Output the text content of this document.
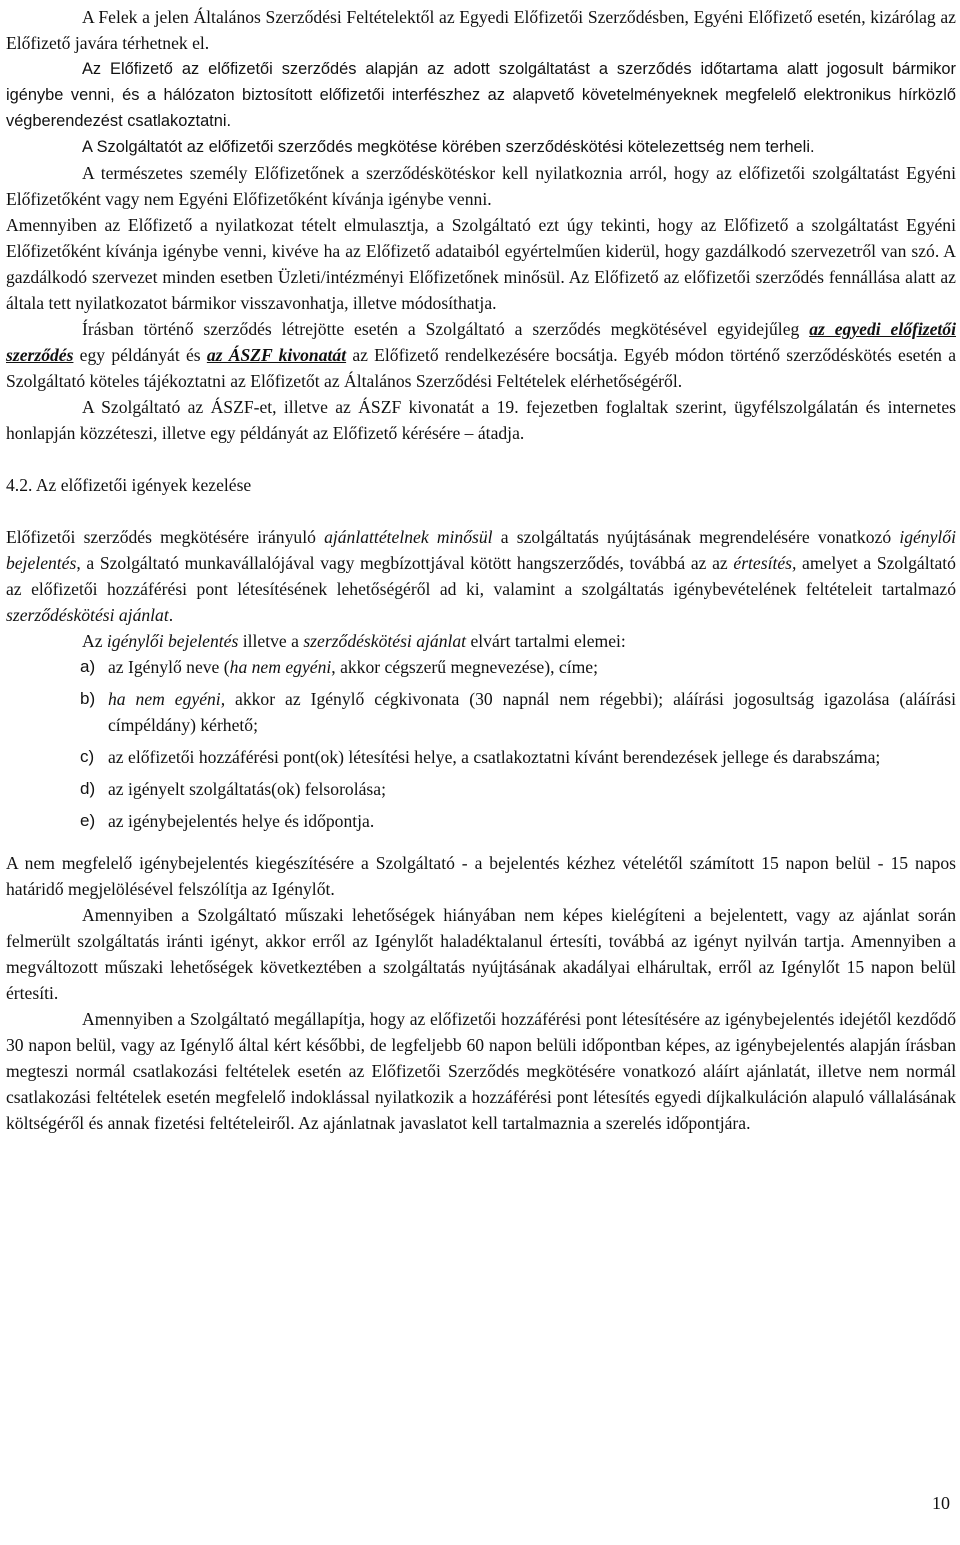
A Felek a jelen Általános Szerződési Feltételektől az Egyedi Előfizetői Szerződésben, Egyéni Előfizető esetén, kizárólag az Előfizető javára térhetnek el.

Az Előfizető az előfizetői szerződés alapján az adott szolgáltatást a szerződés időtartama alatt jogosult bármikor igénybe venni, és a hálózaton biztosított előfizetői interfészhez az alapvető követelményeknek megfelelő elektronikus hírközlő végberendezést csatlakoztatni.

A Szolgáltatót az előfizetői szerződés megkötése körében szerződéskötési kötelezettség nem terheli.

A természetes személy Előfizetőnek a szerződéskötéskor kell nyilatkoznia arról, hogy az előfizetői szolgáltatást Egyéni Előfizetőként vagy nem Egyéni Előfizetőként kívánja igénybe venni.

Amennyiben az Előfizető a nyilatkozat tételt elmulasztja, a Szolgáltató ezt úgy tekinti, hogy az Előfizető a szolgáltatást Egyéni Előfizetőként kívánja igénybe venni, kivéve ha az Előfizető adataiból egyértelműen kiderül, hogy gazdálkodó szervezetről van szó. A gazdálkodó szervezet minden esetben Üzleti/intézményi Előfizetőnek minősül. Az Előfizető az előfizetői szerződés fennállása alatt az általa tett nyilatkozatot bármikor visszavonhatja, illetve módosíthatja.

Írásban történő szerződés létrejötte esetén a Szolgáltató a szerződés megkötésével egyidejűleg az egyedi előfizetői szerződés egy példányát és az ÁSZF kivonatát az Előfizető rendelkezésére bocsátja. Egyéb módon történő szerződéskötés esetén a Szolgáltató köteles tájékoztatni az Előfizetőt az Általános Szerződési Feltételek elérhetőségéről.

A Szolgáltató az ÁSZF-et, illetve az ÁSZF kivonatát a 19. fejezetben foglaltak szerint, ügyfélszolgálatán és internetes honlapján közzéteszi, illetve egy példányát az Előfizető kérésére – átadja.

4.2. Az előfizetői igények kezelése

Előfizetői szerződés megkötésére irányuló ajánlattételnek minősül a szolgáltatás nyújtásának megrendelésére vonatkozó igénylői bejelentés, a Szolgáltató munkavállalójával vagy megbízottjával kötött hangszerződés, továbbá az az értesítés, amelyet a Szolgáltató az előfizetői hozzáférési pont létesítésének lehetőségéről ad ki, valamint a szolgáltatás igénybevételének feltételeit tartalmazó szerződéskötési ajánlat.

Az igénylői bejelentés illetve a szerződéskötési ajánlat elvárt tartalmi elemei:

a) az Igénylő neve (ha nem egyéni, akkor cégszerű megnevezése), címe;
b) ha nem egyéni, akkor az Igénylő cégkivonata (30 napnál nem régebbi); aláírási jogosultság igazolása (aláírási címpéldány) kérhető;
c) az előfizetői hozzáférési pont(ok) létesítési helye, a csatlakoztatni kívánt berendezések jellege és darabszáma;
d) az igényelt szolgáltatás(ok) felsorolása;
e) az igénybejelentés helye és időpontja.

A nem megfelelő igénybejelentés kiegészítésére a Szolgáltató - a bejelentés kézhez vételétől számított 15 napon belül - 15 napos határidő megjelölésével felszólítja az Igénylőt.

Amennyiben a Szolgáltató műszaki lehetőségek hiányában nem képes kielégíteni a bejelentett, vagy az ajánlat során felmerült szolgáltatás iránti igényt, akkor erről az Igénylőt haladéktalanul értesíti, továbbá az igényt nyilván tartja. Amennyiben a megváltozott műszaki lehetőségek következtében a szolgáltatás nyújtásának akadályai elhárultak, erről az Igénylőt 15 napon belül értesíti.

Amennyiben a Szolgáltató megállapítja, hogy az előfizetői hozzáférési pont létesítésére az igénybejelentés idejétől kezdődő 30 napon belül, vagy az Igénylő által kért későbbi, de legfeljebb 60 napon belüli időpontban képes, az igénybejelentés alapján írásban megteszi normál csatlakozási feltételek esetén az Előfizetői Szerződés megkötésére vonatkozó aláírt ajánlatát, illetve nem normál csatlakozási feltételek esetén megfelelő indoklással nyilatkozik a hozzáférési pont létesítés egyedi díjkalkuláción alapuló vállalásának költségéről és annak fizetési feltételeiről. Az ajánlatnak javaslatot kell tartalmaznia a szerelés időpontjára.

10
